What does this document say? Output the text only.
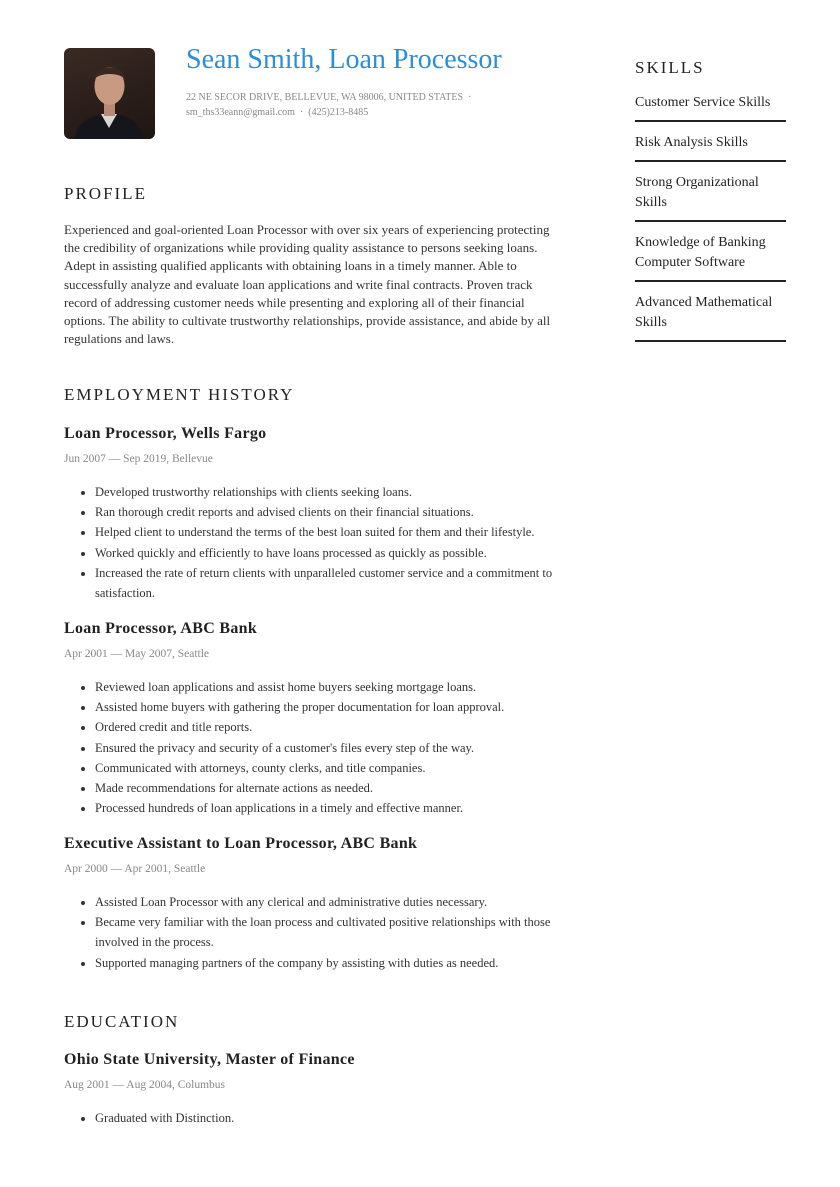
Sean Smith, Loan Processor
22 NE SECOR DRIVE, BELLEVUE, WA 98006, UNITED STATES ·
sm_ths33eann@gmail.com · (425)213-8485
PROFILE
Experienced and goal-oriented Loan Processor with over six years of experiencing protecting the credibility of organizations while providing quality assistance to persons seeking loans. Adept in assisting qualified applicants with obtaining loans in a timely manner. Able to successfully analyze and evaluate loan applications and write final contracts. Proven track record of addressing customer needs while presenting and exploring all of their financial options. The ability to cultivate trustworthy relationships, provide assistance, and abide by all regulations and laws.
EMPLOYMENT HISTORY
Loan Processor, Wells Fargo
Jun 2007 — Sep 2019, Bellevue
• Developed trustworthy relationships with clients seeking loans.
• Ran thorough credit reports and advised clients on their financial situations.
• Helped client to understand the terms of the best loan suited for them and their lifestyle.
• Worked quickly and efficiently to have loans processed as quickly as possible.
• Increased the rate of return clients with unparalleled customer service and a commitment to satisfaction.
Loan Processor, ABC Bank
Apr 2001 — May 2007, Seattle
• Reviewed loan applications and assist home buyers seeking mortgage loans.
• Assisted home buyers with gathering the proper documentation for loan approval.
• Ordered credit and title reports.
• Ensured the privacy and security of a customer's files every step of the way.
• Communicated with attorneys, county clerks, and title companies.
• Made recommendations for alternate actions as needed.
• Processed hundreds of loan applications in a timely and effective manner.
Executive Assistant to Loan Processor, ABC Bank
Apr 2000 — Apr 2001, Seattle
• Assisted Loan Processor with any clerical and administrative duties necessary.
• Became very familiar with the loan process and cultivated positive relationships with those involved in the process.
• Supported managing partners of the company by assisting with duties as needed.
EDUCATION
Ohio State University, Master of Finance
Aug 2001 — Aug 2004, Columbus
• Graduated with Distinction.
SKILLS
Customer Service Skills
Risk Analysis Skills
Strong Organizational Skills
Knowledge of Banking Computer Software
Advanced Mathematical Skills
